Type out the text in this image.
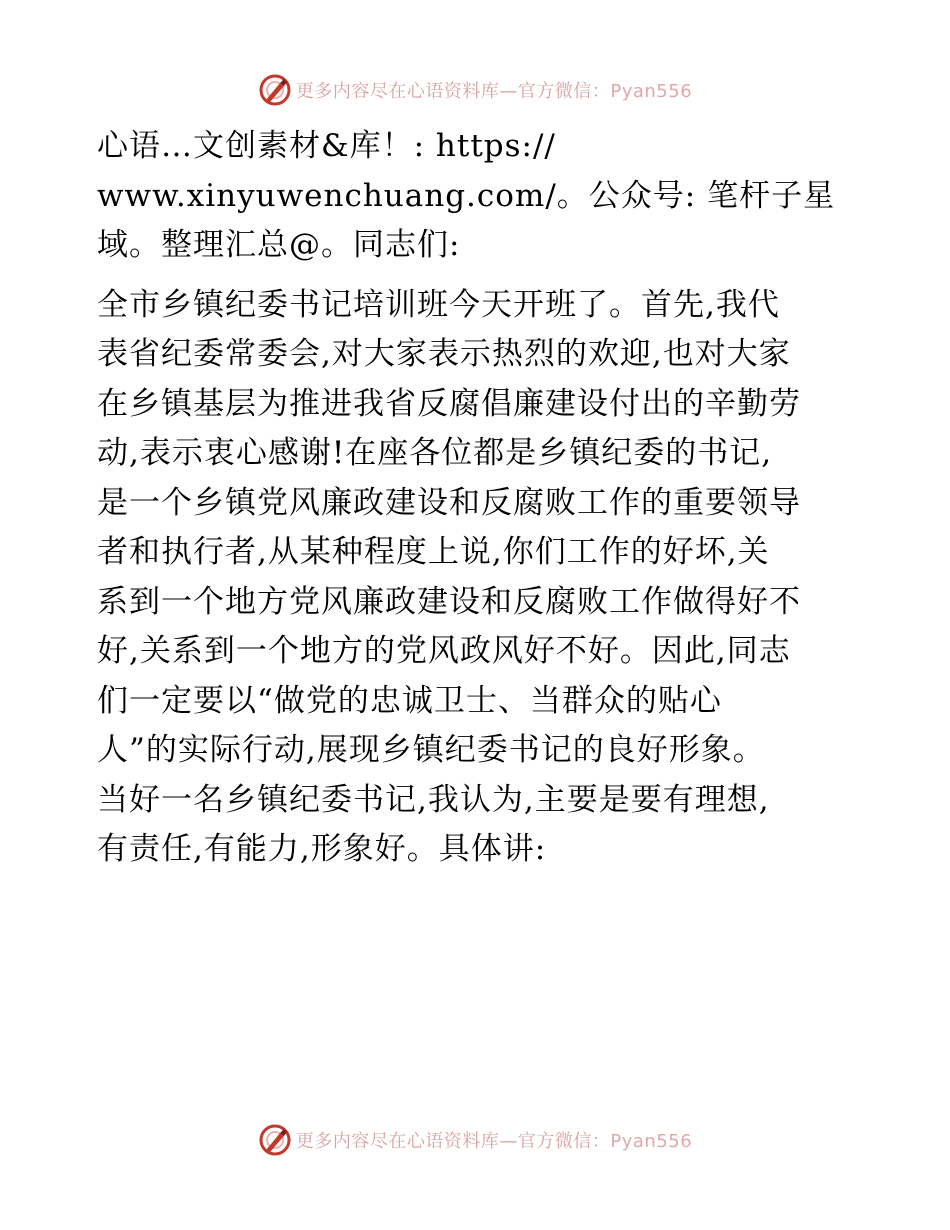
更多内容尽在心语资料库—官方微信：Pyan556

心语…文创素材&库！: https://
www.xinyuwenchuang.com/。公众号: 笔杆子星
域。整理汇总@。同志们:

全市乡镇纪委书记培训班今天开班了。首先,我代
表省纪委常委会,对大家表示热烈的欢迎,也对大家
在乡镇基层为推进我省反腐倡廉建设付出的辛勤劳
动,表示衷心感谢!在座各位都是乡镇纪委的书记,
是一个乡镇党风廉政建设和反腐败工作的重要领导
者和执行者,从某种程度上说,你们工作的好坏,关
系到一个地方党风廉政建设和反腐败工作做得好不
好,关系到一个地方的党风政风好不好。因此,同志
们一定要以“做党的忠诚卫士、当群众的贴心
人”的实际行动,展现乡镇纪委书记的良好形象。
当好一名乡镇纪委书记,我认为,主要是要有理想,
有责任,有能力,形象好。具体讲:

更多内容尽在心语资料库—官方微信：Pyan556
